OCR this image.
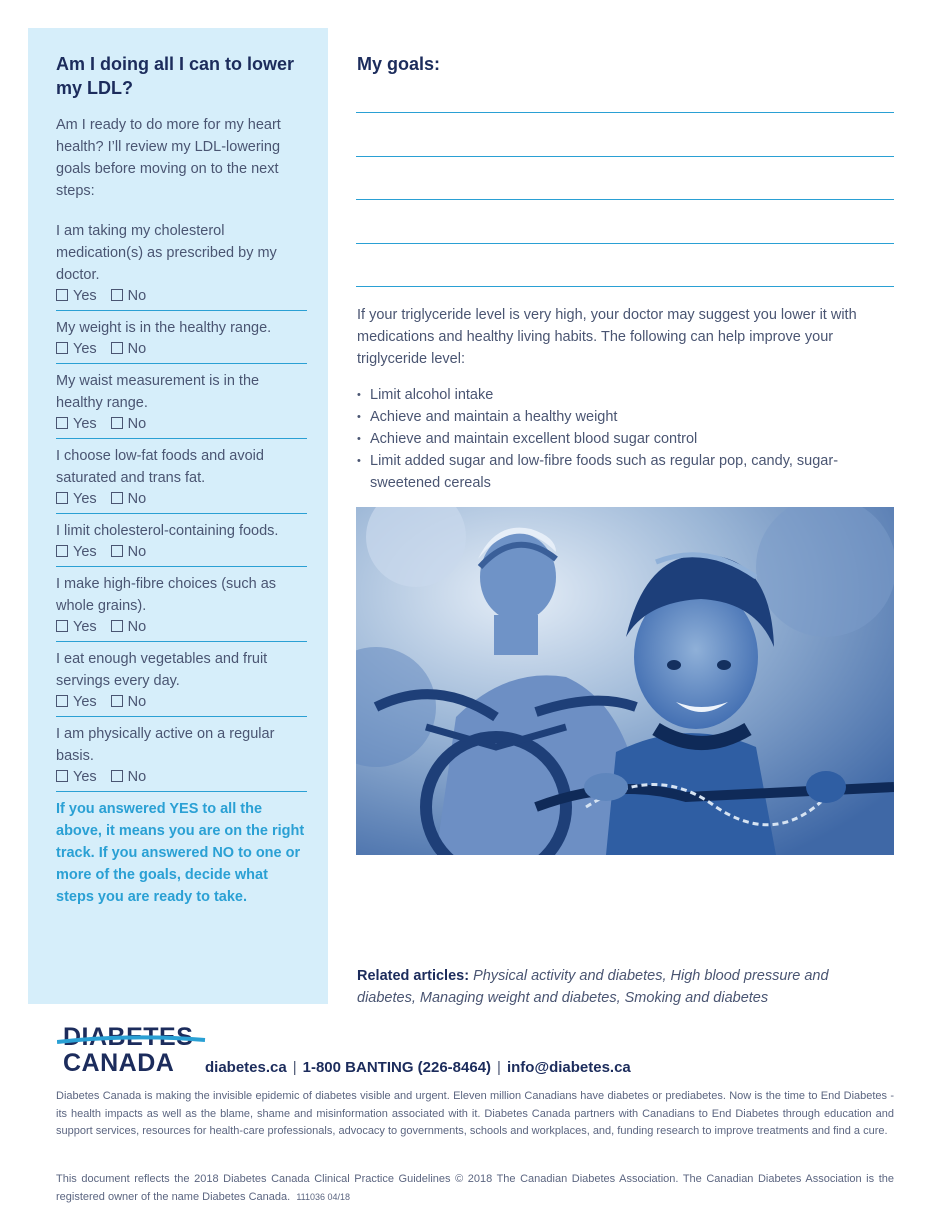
Am I doing all I can to lower my LDL?

Am I ready to do more for my heart health? I’ll review my LDL-lowering goals before moving on to the next steps:

I am taking my cholesterol medication(s) as prescribed by my doctor.
Yes No
My weight is in the healthy range.
Yes No
My waist measurement is in the healthy range.
Yes No
I choose low-fat foods and avoid saturated and trans fat.
Yes No
I limit cholesterol-containing foods.
Yes No
I make high-fibre choices (such as whole grains).
Yes No
I eat enough vegetables and fruit servings every day.
Yes No
I am physically active on a regular basis.
Yes No
If you answered YES to all the above, it means you are on the right track. If you answered NO to one or more of the goals, decide what steps you are ready to take.
My goals:

If your triglyceride level is very high, your doctor may suggest you lower it with medications and healthy living habits. The following can help improve your triglyceride level:

• Limit alcohol intake
• Achieve and maintain a healthy weight
• Achieve and maintain excellent blood sugar control
• Limit added sugar and low-fibre foods such as regular pop, candy, sugar-sweetened cereals

Related articles: Physical activity and diabetes, High blood pressure and diabetes, Managing weight and diabetes, Smoking and diabetes

DIABETES
CANADA diabetes.ca | 1-800 BANTING (226-8464) | info@diabetes.ca

Diabetes Canada is making the invisible epidemic of diabetes visible and urgent. Eleven million Canadians have diabetes or prediabetes. Now is the time to End Diabetes - its health impacts as well as the blame, shame and misinformation associated with it. Diabetes Canada partners with Canadians to End Diabetes through education and support services, resources for health-care professionals, advocacy to governments, schools and workplaces, and, funding research to improve treatments and find a cure.

This document reflects the 2018 Diabetes Canada Clinical Practice Guidelines © 2018 The Canadian Diabetes Association. The Canadian Diabetes Association is the registered owner of the name Diabetes Canada. 111036 04/18
